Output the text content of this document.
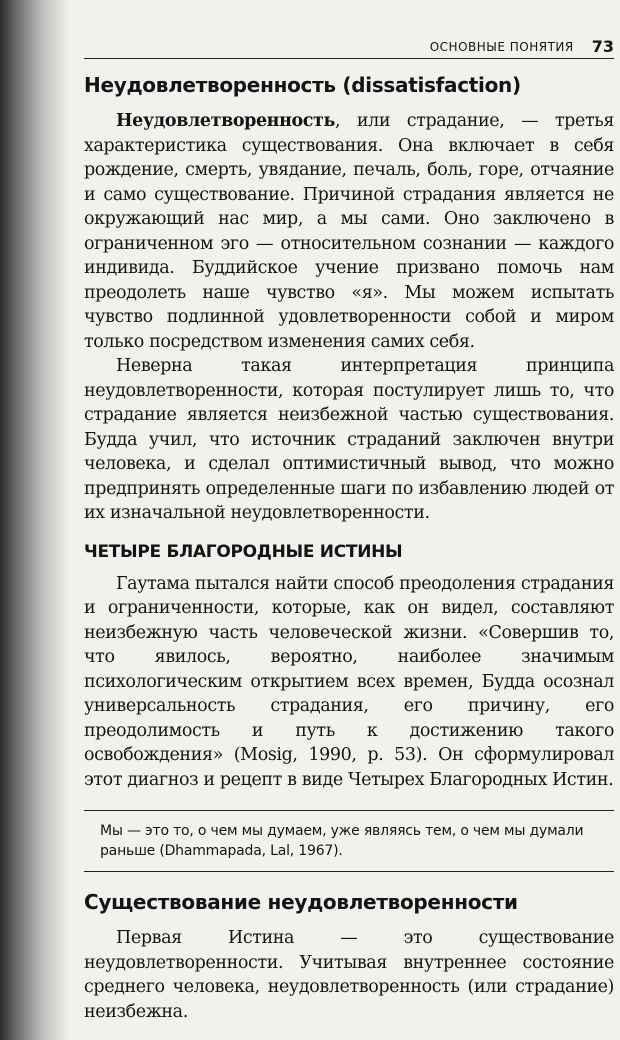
ОСНОВНЫЕ ПОНЯТИЯ 73
Неудовлетворенность (dissatisfaction)

Неудовлетворенность, или страдание, — третья характеристика существования. Она включает в себя рождение, смерть, увядание, печаль, боль, горе, отчаяние и само существование. Причиной страдания является не окружающий нас мир, а мы сами. Оно заключено в ограниченном эго — относительном сознании — каждого индивида. Буддийское учение призвано помочь нам преодолеть наше чувство «я». Мы можем испытать чувство подлинной удовлетворенности собой и миром только посредством изменения самих себя.

Неверна такая интерпретация принципа неудовлетворенности, которая постулирует лишь то, что страдание является неизбежной частью существования. Будда учил, что источник страданий заключен внутри человека, и сделал оптимистичный вывод, что можно предпринять определенные шаги по избавлению людей от их изначальной неудовлетворенности.

ЧЕТЫРЕ БЛАГОРОДНЫЕ ИСТИНЫ

Гаутама пытался найти способ преодоления страдания и ограниченности, которые, как он видел, составляют неизбежную часть человеческой жизни. «Совершив то, что явилось, вероятно, наиболее значимым психологическим открытием всех времен, Будда осознал универсальность страдания, его причину, его преодолимость и путь к достижению такого освобождения» (Mosig, 1990, p. 53). Он сформулировал этот диагноз и рецепт в виде Четырех Благородных Истин.

Мы — это то, о чем мы думаем, уже являясь тем, о чем мы думали раньше (Dhammapada, Lal, 1967).
Существование неудовлетворенности

Первая Истина — это существование неудовлетворенности. Учитывая внутреннее состояние среднего человека, неудовлетворенность (или страдание) неизбежна.
